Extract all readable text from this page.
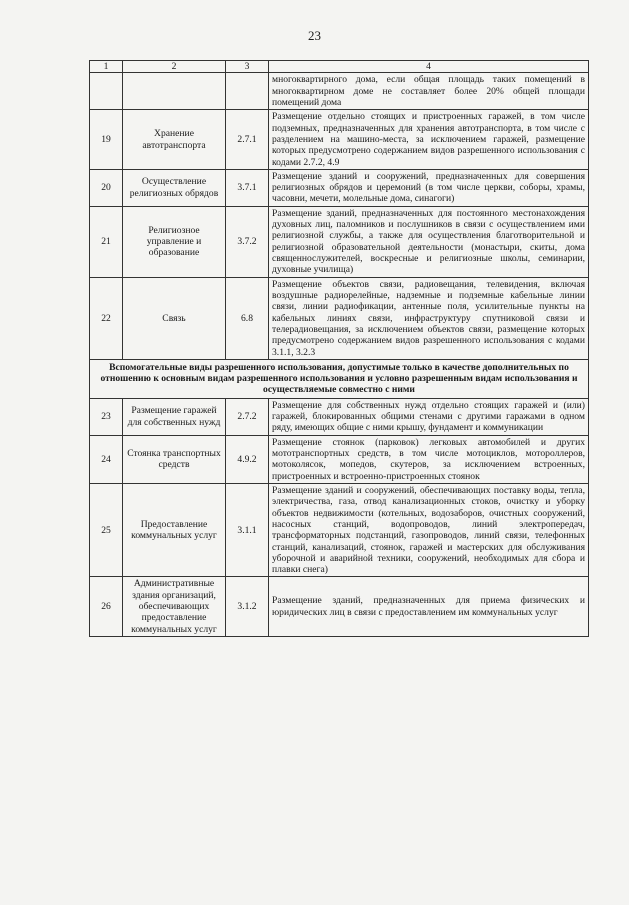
23
1	2	3	4
			многоквартирного дома, если общая площадь таких помещений в многоквартирном доме не составляет более 20% общей площади помещений дома
19	Хранение автотранспорта	2.7.1	Размещение отдельно стоящих и пристроенных гаражей, в том числе подземных, предназначенных для хранения автотранспорта, в том числе с разделением на машино-места, за исключением гаражей, размещение которых предусмотрено содержанием видов разрешенного использования с кодами 2.7.2, 4.9
20	Осуществление религиозных обрядов	3.7.1	Размещение зданий и сооружений, предназначенных для совершения религиозных обрядов и церемоний (в том числе церкви, соборы, храмы, часовни, мечети, молельные дома, синагоги)
21	Религиозное управление и образование	3.7.2	Размещение зданий, предназначенных для постоянного местонахождения духовных лиц, паломников и послушников в связи с осуществлением ими религиозной службы, а также для осуществления благотворительной и религиозной образовательной деятельности (монастыри, скиты, дома священнослужителей, воскресные и религиозные школы, семинарии, духовные училища)
22	Связь	6.8	Размещение объектов связи, радиовещания, телевидения, включая воздушные радиорелейные, надземные и подземные кабельные линии связи, линии радиофикации, антенные поля, усилительные пункты на кабельных линиях связи, инфраструктуру спутниковой связи и телерадиовещания, за исключением объектов связи, размещение которых предусмотрено содержанием видов разрешенного использования с кодами 3.1.1, 3.2.3
Вспомогательные виды разрешенного использования, допустимые только в качестве дополнительных по отношению к основным видам разрешенного использования и условно разрешенным видам использования и осуществляемые совместно с ними			
23	Размещение гаражей для собственных нужд	2.7.2	Размещение для собственных нужд отдельно стоящих гаражей и (или) гаражей, блокированных общими стенами с другими гаражами в одном ряду, имеющих общие с ними крышу, фундамент и коммуникации
24	Стоянка транспортных средств	4.9.2	Размещение стоянок (парковок) легковых автомобилей и других мототранспортных средств, в том числе мотоциклов, мотороллеров, мотоколясок, мопедов, скутеров, за исключением встроенных, пристроенных и встроенно-пристроенных стоянок
25	Предоставление коммунальных услуг	3.1.1	Размещение зданий и сооружений, обеспечивающих поставку воды, тепла, электричества, газа, отвод канализационных стоков, очистку и уборку объектов недвижимости (котельных, водозаборов, очистных сооружений, насосных станций, водопроводов, линий электропередач, трансформаторных подстанций, газопроводов, линий связи, телефонных станций, канализаций, стоянок, гаражей и мастерских для обслуживания уборочной и аварийной техники, сооружений, необходимых для сбора и плавки снега)
26	Административные здания организаций, обеспечивающих предоставление коммунальных услуг	3.1.2	Размещение зданий, предназначенных для приема физических и юридических лиц в связи с предоставлением им коммунальных услуг
